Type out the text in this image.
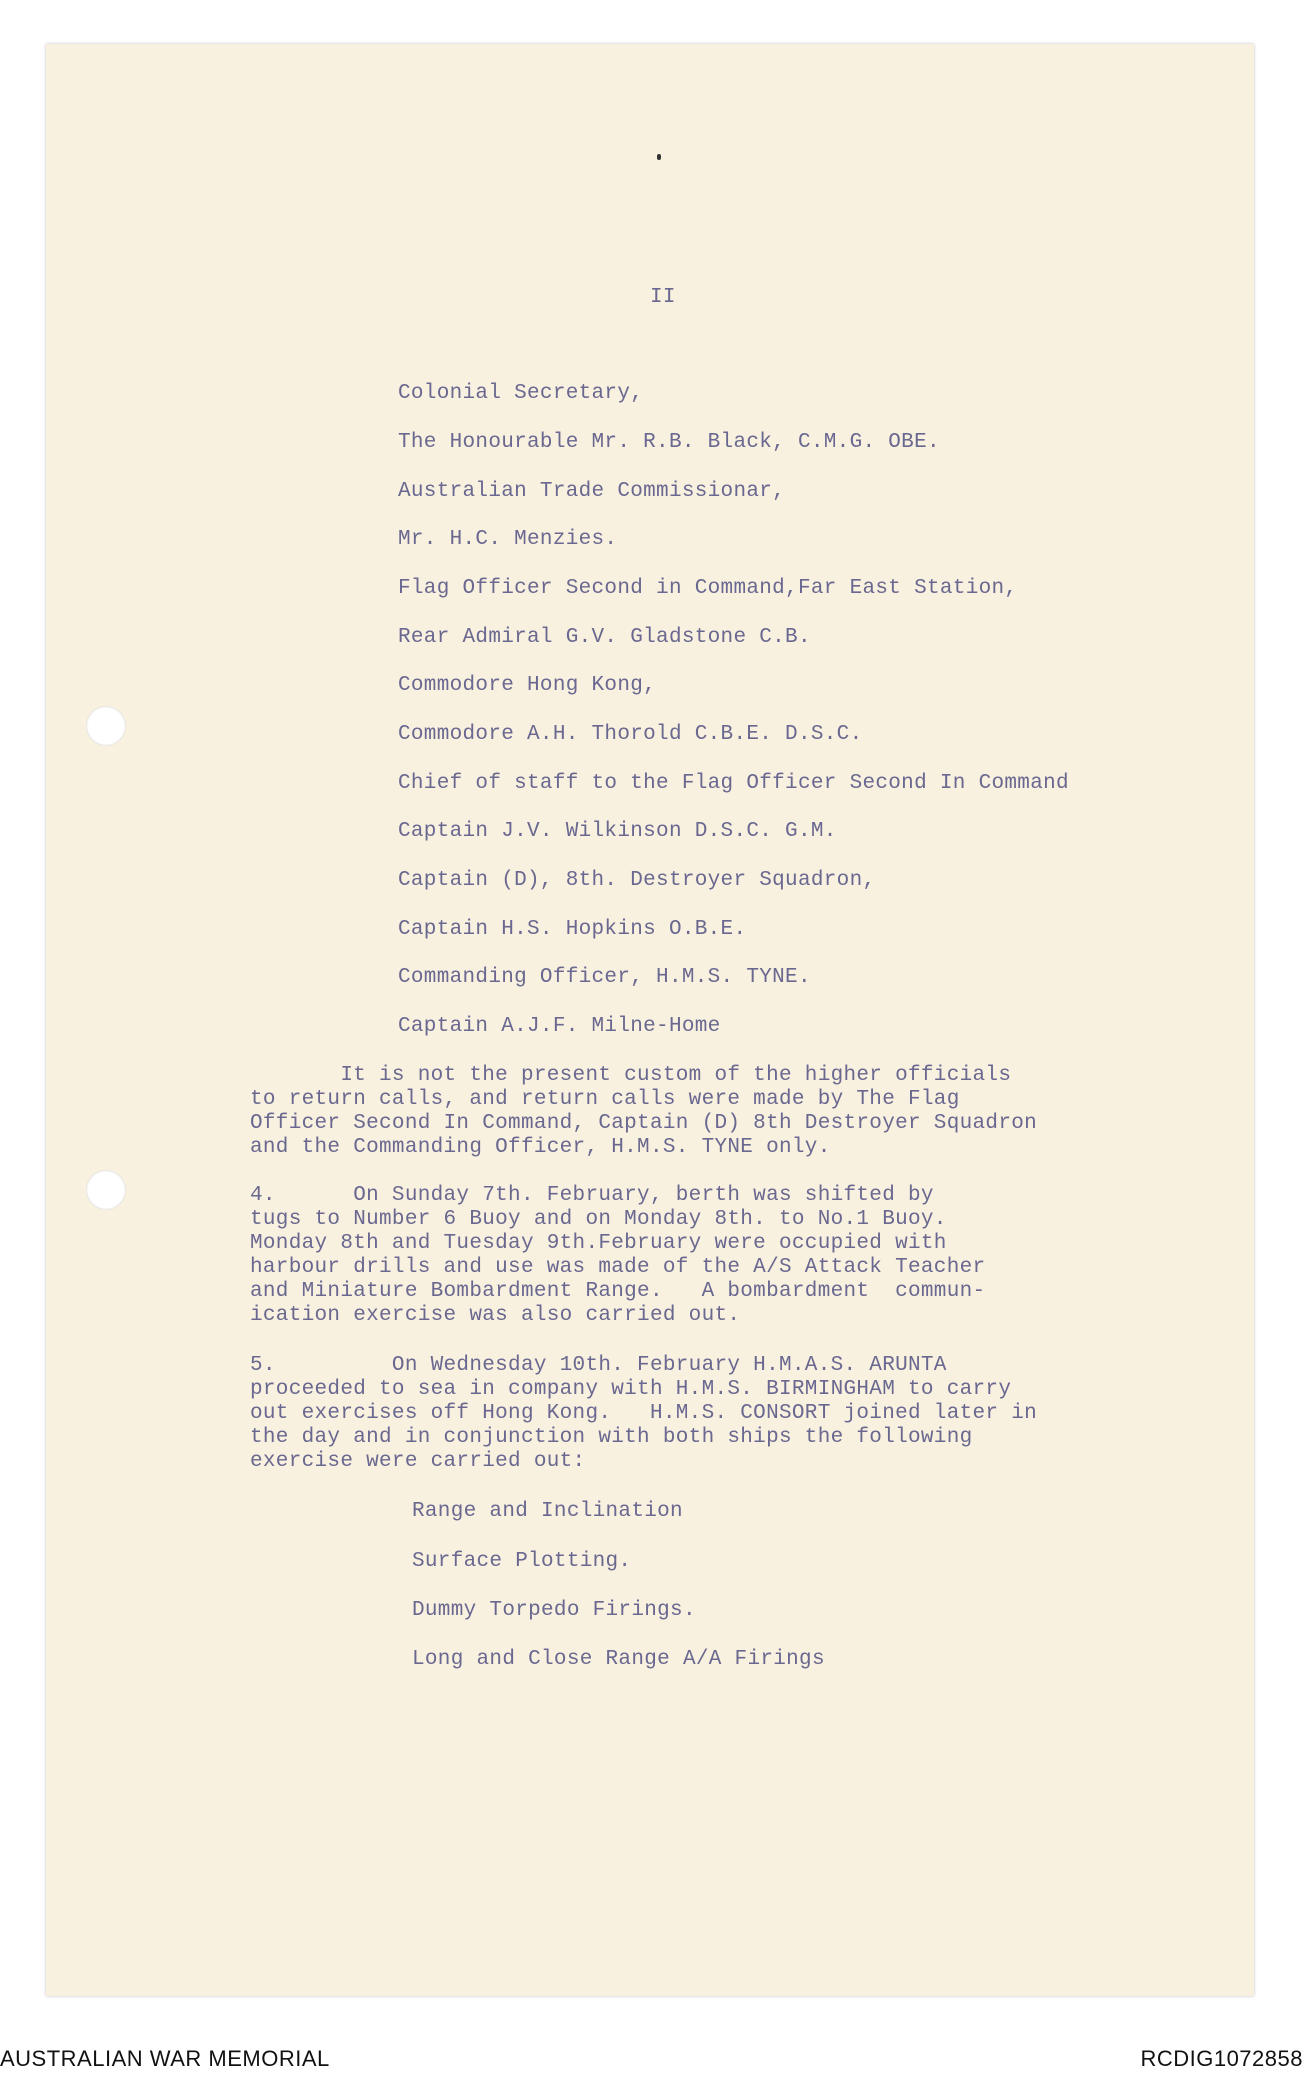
II
Colonial Secretary,
The Honourable Mr. R.B. Black, C.M.G. OBE.
Australian Trade Commissionar,
Mr. H.C. Menzies.
Flag Officer Second in Command,Far East Station,
Rear Admiral G.V. Gladstone C.B.
Commodore Hong Kong,
Commodore A.H. Thorold C.B.E. D.S.C.
Chief of staff to the Flag Officer Second In Command
Captain J.V. Wilkinson D.S.C. G.M.
Captain (D), 8th. Destroyer Squadron,
Captain H.S. Hopkins O.B.E.
Commanding Officer, H.M.S. TYNE.
Captain A.J.F. Milne-Home
It is not the present custom of the higher officials
to return calls, and return calls were made by The Flag
Officer Second In Command, Captain (D) 8th Destroyer Squadron
and the Commanding Officer, H.M.S. TYNE only.
4.      On Sunday 7th. February, berth was shifted by
tugs to Number 6 Buoy and on Monday 8th. to No.1 Buoy.
Monday 8th and Tuesday 9th.February were occupied with
harbour drills and use was made of the A/S Attack Teacher
and Miniature Bombardment Range.   A bombardment  commun-
ication exercise was also carried out.
5.         On Wednesday 10th. February H.M.A.S. ARUNTA
proceeded to sea in company with H.M.S. BIRMINGHAM to carry
out exercises off Hong Kong.   H.M.S. CONSORT joined later in
the day and in conjunction with both ships the following
exercise were carried out:
Range and Inclination
Surface Plotting.
Dummy Torpedo Firings.
Long and Close Range A/A Firings
AUSTRALIAN WAR MEMORIAL	RCDIG1072858
